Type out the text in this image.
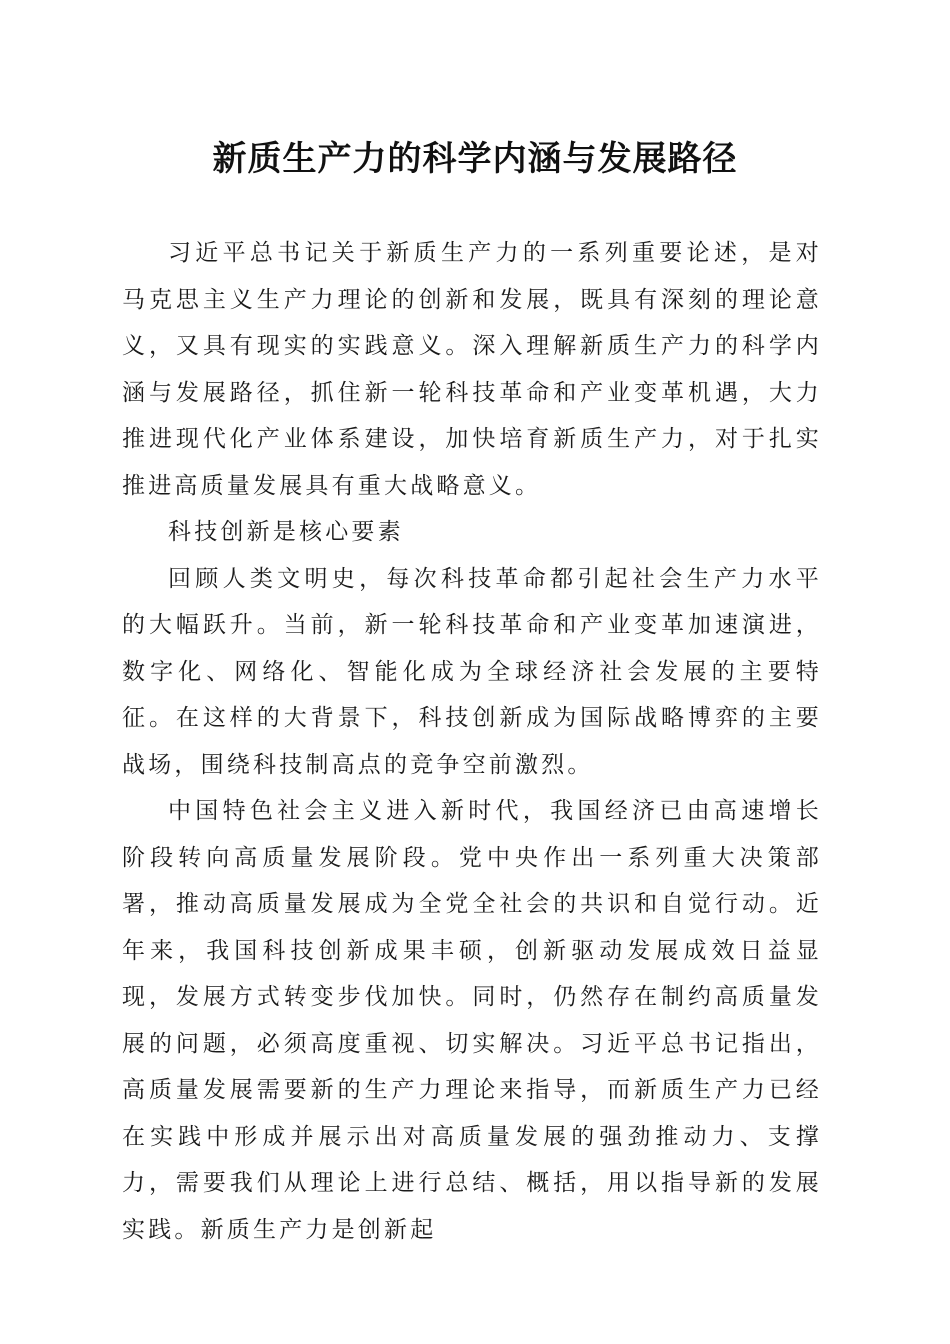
新质生产力的科学内涵与发展路径

习近平总书记关于新质生产力的一系列重要论述，是对马克思主义生产力理论的创新和发展，既具有深刻的理论意义，又具有现实的实践意义。深入理解新质生产力的科学内涵与发展路径，抓住新一轮科技革命和产业变革机遇，大力推进现代化产业体系建设，加快培育新质生产力，对于扎实推进高质量发展具有重大战略意义。

科技创新是核心要素

回顾人类文明史，每次科技革命都引起社会生产力水平的大幅跃升。当前，新一轮科技革命和产业变革加速演进，数字化、网络化、智能化成为全球经济社会发展的主要特征。在这样的大背景下，科技创新成为国际战略博弈的主要战场，围绕科技制高点的竞争空前激烈。

中国特色社会主义进入新时代，我国经济已由高速增长阶段转向高质量发展阶段。党中央作出一系列重大决策部署，推动高质量发展成为全党全社会的共识和自觉行动。近年来，我国科技创新成果丰硕，创新驱动发展成效日益显现，发展方式转变步伐加快。同时，仍然存在制约高质量发展的问题，必须高度重视、切实解决。习近平总书记指出，高质量发展需要新的生产力理论来指导，而新质生产力已经在实践中形成并展示出对高质量发展的强劲推动力、支撑力，需要我们从理论上进行总结、概括，用以指导新的发展实践。新质生产力是创新起
